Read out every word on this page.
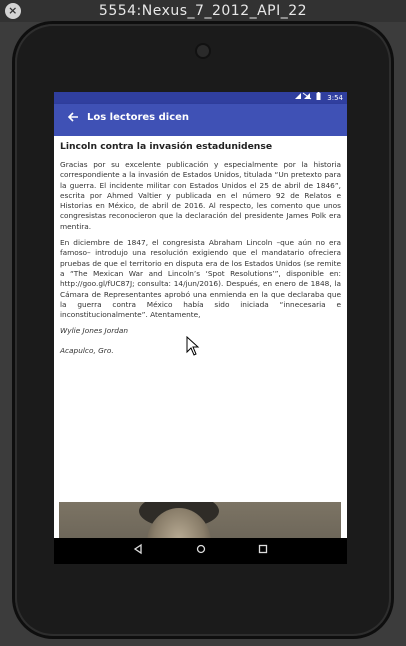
×	5554:Nexus_7_2012_API_22
3:54
Los lectores dicen
Lincoln contra la invasión estadunidense
Gracias por su excelente publicación y especialmente por la historia correspondiente a la invasión de Estados Unidos, titulada “Un pretexto para la guerra. El incidente militar con Estados Unidos el 25 de abril de 1846”, escrita por Ahmed Valtier y publicada en el número 92 de Relatos e Historias en México, de abril de 2016. Al respecto, les comento que unos congresistas reconocieron que la declaración del presidente James Polk era mentira.
En diciembre de 1847, el congresista Abraham Lincoln –que aún no era famoso– introdujo una resolución exigiendo que el mandatario ofreciera pruebas de que el territorio en disputa era de los Estados Unidos (se remite a “The Mexican War and Lincoln’s ‘Spot Resolutions’”, disponible en: http://goo.gl/fUC87J; consulta: 14/jun/2016). Después, en enero de 1848, la Cámara de Representantes aprobó una enmienda en la que declaraba que la guerra contra México había sido iniciada “innecesaria e inconstitucionalmente”. Atentamente,
Wylie Jones Jordan
Acapulco, Gro.
